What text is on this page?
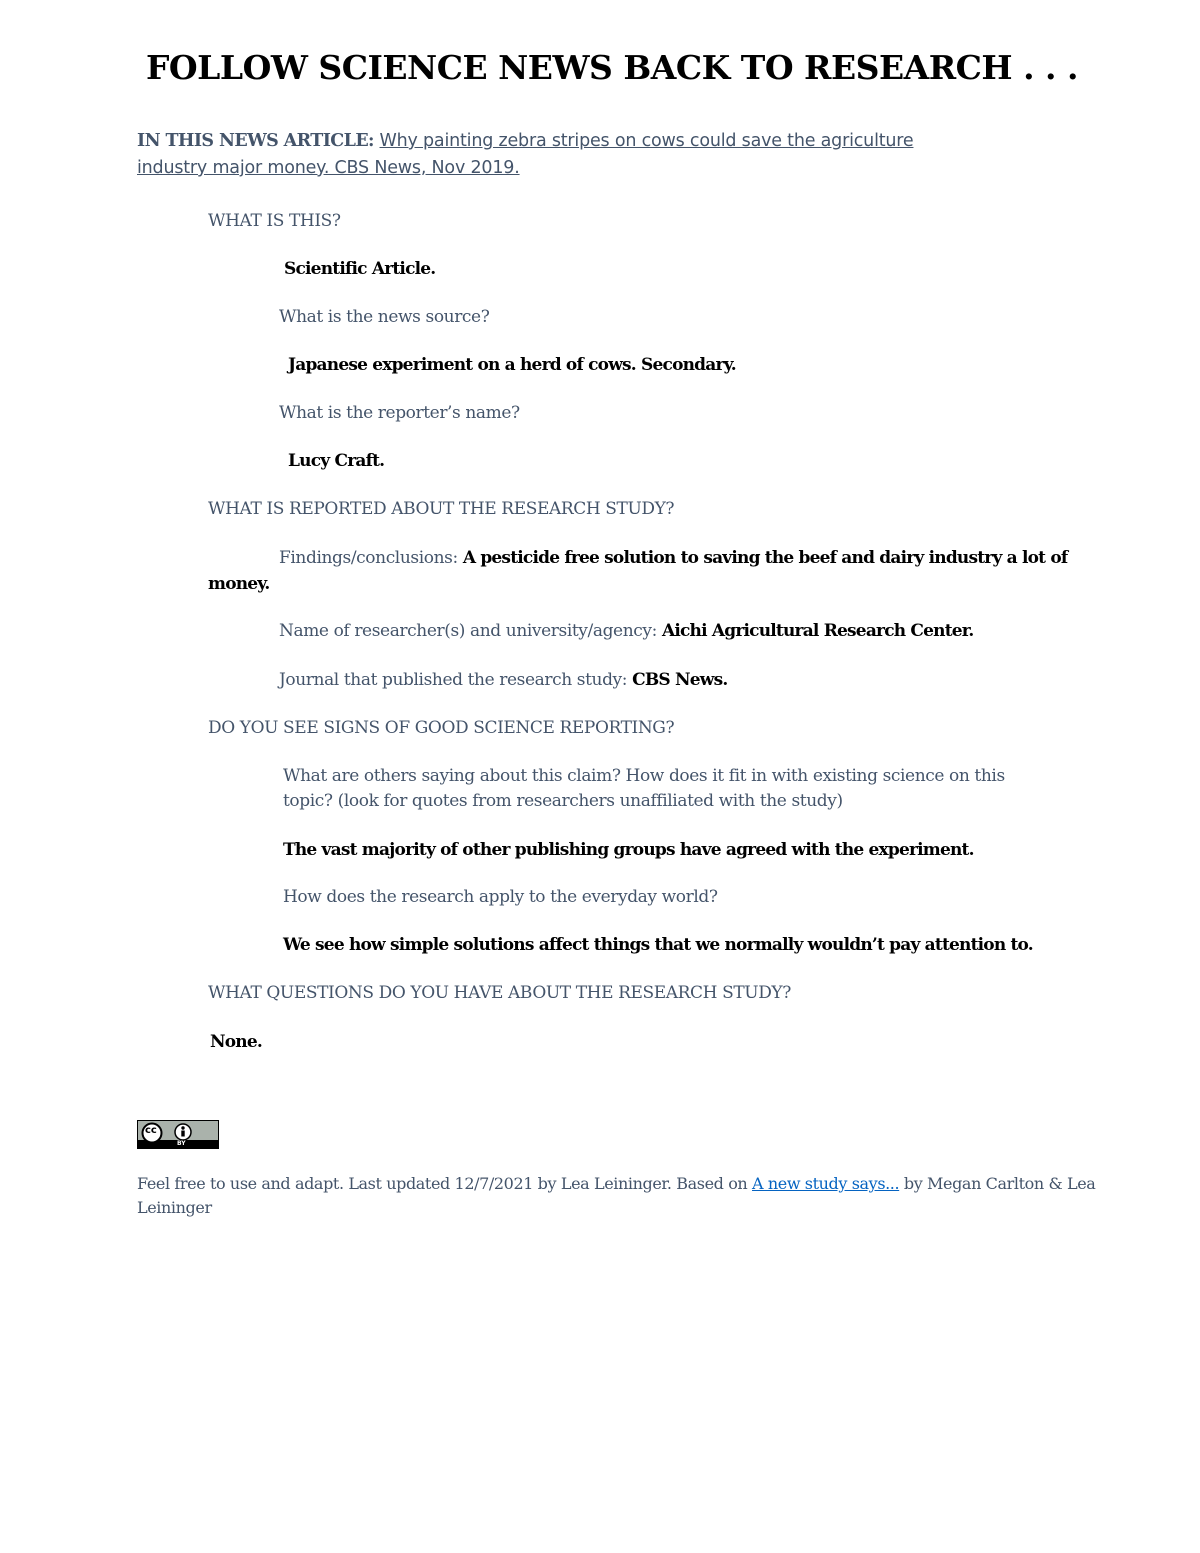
FOLLOW SCIENCE NEWS BACK TO RESEARCH . . .
IN THIS NEWS ARTICLE: Why painting zebra stripes on cows could save the agriculture
industry major money. CBS News, Nov 2019.
WHAT IS THIS?
Scientific Article.
What is the news source?
Japanese experiment on a herd of cows. Secondary.
What is the reporter’s name?
Lucy Craft.
WHAT IS REPORTED ABOUT THE RESEARCH STUDY?
Findings/conclusions: A pesticide free solution to saving the beef and dairy industry a lot of
money.
Name of researcher(s) and university/agency: Aichi Agricultural Research Center.
Journal that published the research study: CBS News.
DO YOU SEE SIGNS OF GOOD SCIENCE REPORTING?
What are others saying about this claim? How does it fit in with existing science on this
topic? (look for quotes from researchers unaffiliated with the study)
The vast majority of other publishing groups have agreed with the experiment.
How does the research apply to the everyday world?
We see how simple solutions affect things that we normally wouldn’t pay attention to.
WHAT QUESTIONS DO YOU HAVE ABOUT THE RESEARCH STUDY?
None.
cc
BY
Feel free to use and adapt. Last updated 12/7/2021 by Lea Leininger. Based on A new study says... by Megan Carlton & Lea Leininger
